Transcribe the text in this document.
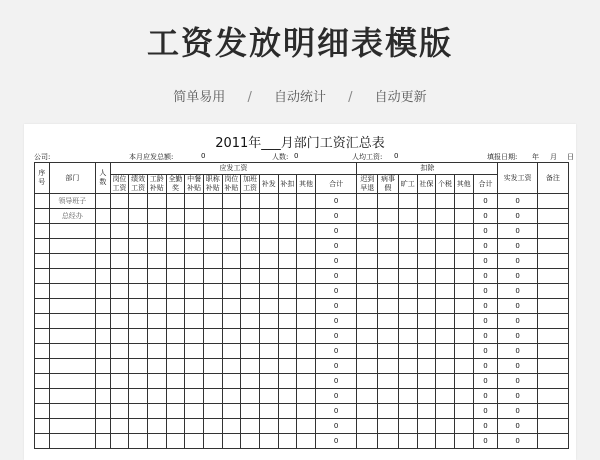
工资发放明细表模版
简单易用 / 自动统计 / 自动更新
2011年___月部门工资汇总表
公司:	本月应发总额:	0	人数: 0	人均工资: 0	填报日期: 年 月 日
序号	部门	人数	应发工资												扣除							实发工资	备注
			岗位工资	绩效工资	工龄补贴	全勤奖	中餐补贴	职称补贴	岗位补贴	加班工资	补发	补扣	其他	合计	迟到早退	病事假	旷工	社保	个税	其他	合计		
	领导班子													0							0	0	
	总经办													0							0	0	
														0							0	0	
														0							0	0	
														0							0	0	
														0							0	0	
														0							0	0	
														0							0	0	
														0							0	0	
														0							0	0	
														0							0	0	
														0							0	0	
														0							0	0	
														0							0	0	
														0							0	0	
														0							0	0	
														0							0	0	
